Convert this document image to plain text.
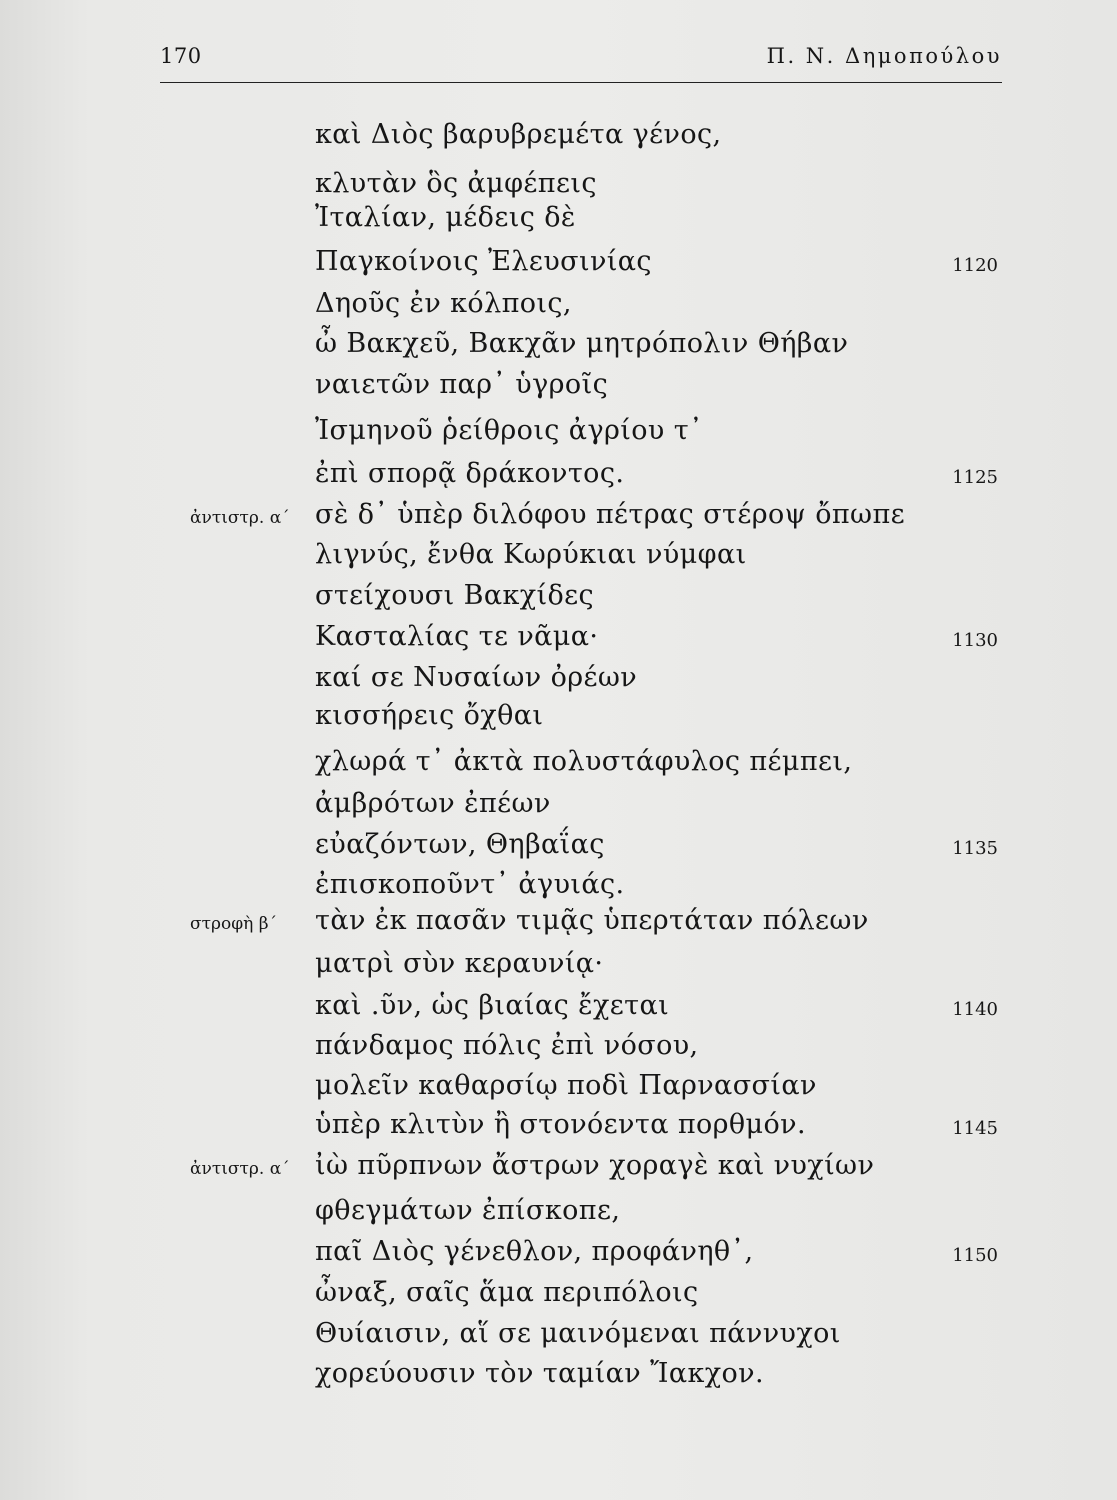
170	Π. Ν. Δημοπούλου
καὶ Διὸς βαρυβρεμέτα γένος,
κλυτὰν ὃς ἀμφέπεις
Ἰταλίαν, μέδεις δὲ
Παγκοίνοις Ἐλευσινίας
Δηοῦς ἐν κόλποις,
ὦ Βακχεῦ, Βακχᾶν μητρόπολιν Θήβαν
ναιετῶν παρ᾽ ὑγροῖς
Ἰσμηνοῦ ῥείθροις ἀγρίου τ᾽
ἐπὶ σπορᾷ δράκοντος.
σὲ δ᾽ ὑπὲρ διλόφου πέτρας στέροψ ὄπωπε
λιγνύς, ἔνθα Κωρύκιαι νύμφαι
στείχουσι Βακχίδες
Κασταλίας τε νᾶμα·
καί σε Νυσαίων ὀρέων
κισσήρεις ὄχθαι
χλωρά τ᾽ ἀκτὰ πολυστάφυλος πέμπει,
ἀμβρότων ἐπέων
εὐαζόντων, Θηβαΐας
ἐπισκοποῦντ᾽ ἀγυιάς.
τὰν ἐκ πασᾶν τιμᾷς ὑπερτάταν πόλεων
ματρὶ σὺν κεραυνίᾳ·
καὶ .ῦν, ὡς βιαίας ἔχεται
πάνδαμος πόλις ἐπὶ νόσου,
μολεῖν καθαρσίῳ ποδὶ Παρνασσίαν
ὑπὲρ κλιτὺν ἢ στονόεντα πορθμόν.
ἰὼ πῦρπνων ἄστρων χοραγὲ καὶ νυχίων
φθεγμάτων ἐπίσκοπε,
παῖ Διὸς γένεθλον, προφάνηθ᾽,
ὦναξ, σαῖς ἅμα περιπόλοις
Θυίαισιν, αἵ σε μαινόμεναι πάννυχοι
χορεύουσιν τὸν ταμίαν Ἴακχον.
ἀντιστρ. α΄
στροφὴ β΄
ἀντιστρ. α΄
1120
1125
1130
1135
1140
1145
1150
